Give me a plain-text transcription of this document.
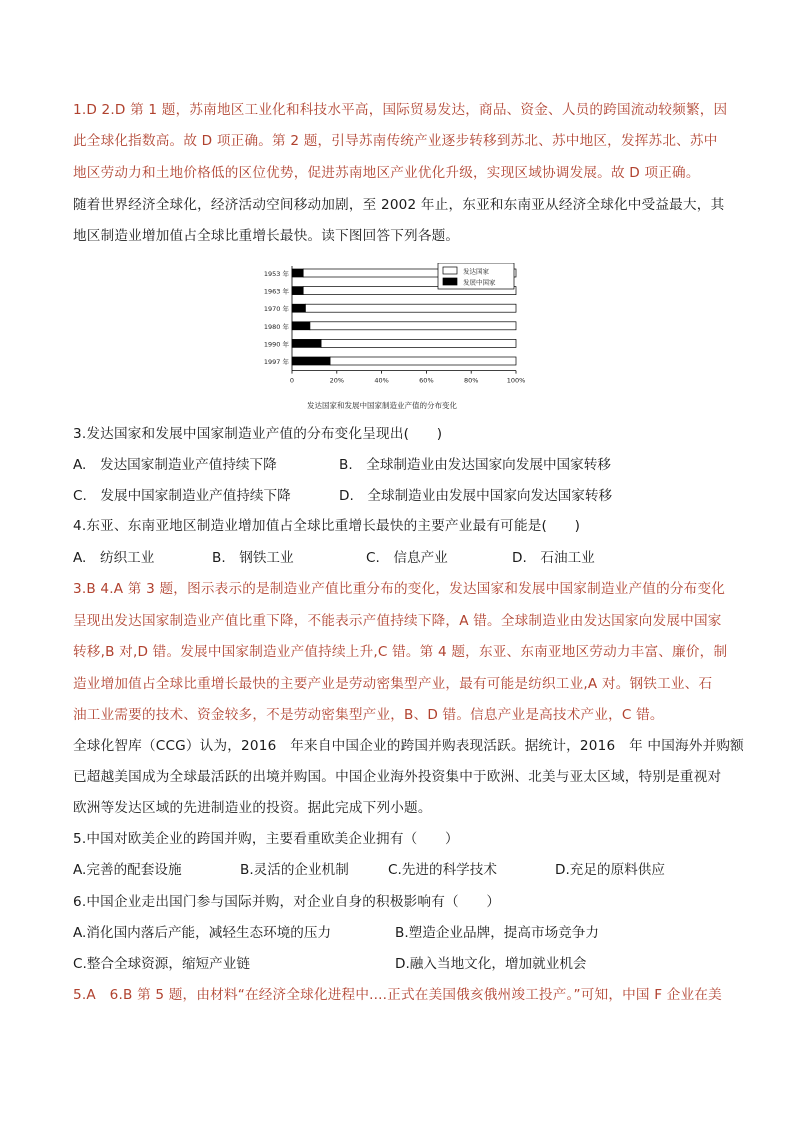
1.D 2.D 第 1 题，苏南地区工业化和科技水平高，国际贸易发达，商品、资金、人员的跨国流动较频繁，因
此全球化指数高。故 D 项正确。第 2 题，引导苏南传统产业逐步转移到苏北、苏中地区，发挥苏北、苏中
地区劳动力和土地价格低的区位优势，促进苏南地区产业优化升级，实现区域协调发展。故 D 项正确。
随着世界经济全球化，经济活动空间移动加剧，至 2002 年止，东亚和东南亚从经济全球化中受益最大，其
地区制造业增加值占全球比重增长最快。读下图回答下列各题。
1953 年
1963 年
1970 年
1980 年
1990 年
1997 年
0	20%	40%	60%	80%	100%
发达国家
发展中国家
发达国家和发展中国家制造业产值的分布变化
3.发达国家和发展中国家制造业产值的分布变化呈现出(　　)
A.　发达国家制造业产值持续下降	B.　全球制造业由发达国家向发展中国家转移
C.　发展中国家制造业产值持续下降	D.　全球制造业由发展中国家向发达国家转移
4.东亚、东南亚地区制造业增加值占全球比重增长最快的主要产业最有可能是(　　)
A.　纺织工业	B.　钢铁工业	C.　信息产业	D.　石油工业
3.B 4.A 第 3 题，图示表示的是制造业产值比重分布的变化，发达国家和发展中国家制造业产值的分布变化
呈现出发达国家制造业产值比重下降，不能表示产值持续下降，A 错。全球制造业由发达国家向发展中国家
转移,B 对,D 错。发展中国家制造业产值持续上升,C 错。第 4 题，东亚、东南亚地区劳动力丰富、廉价，制
造业增加值占全球比重增长最快的主要产业是劳动密集型产业，最有可能是纺织工业,A 对。钢铁工业、石
油工业需要的技术、资金较多，不是劳动密集型产业，B、D 错。信息产业是高技术产业，C 错。
全球化智库（CCG）认为，2016　年来自中国企业的跨国并购表现活跃。据统计，2016　年 中国海外并购额
已超越美国成为全球最活跃的出境并购国。中国企业海外投资集中于欧洲、北美与亚太区域，特别是重视对
欧洲等发达区域的先进制造业的投资。据此完成下列小题。
5.中国对欧美企业的跨国并购，主要看重欧美企业拥有（　　）
A.完善的配套设施	B.灵活的企业机制	C.先进的科学技术	D.充足的原料供应
6.中国企业走出国门参与国际并购，对企业自身的积极影响有（　　）
A.消化国内落后产能，减轻生态环境的压力	B.塑造企业品牌，提高市场竞争力
C.整合全球资源，缩短产业链	D.融入当地文化，增加就业机会
5.A　6.B 第 5 题，由材料“在经济全球化进程中....正式在美国俄亥俄州竣工投产。”可知，中国 F 企业在美
